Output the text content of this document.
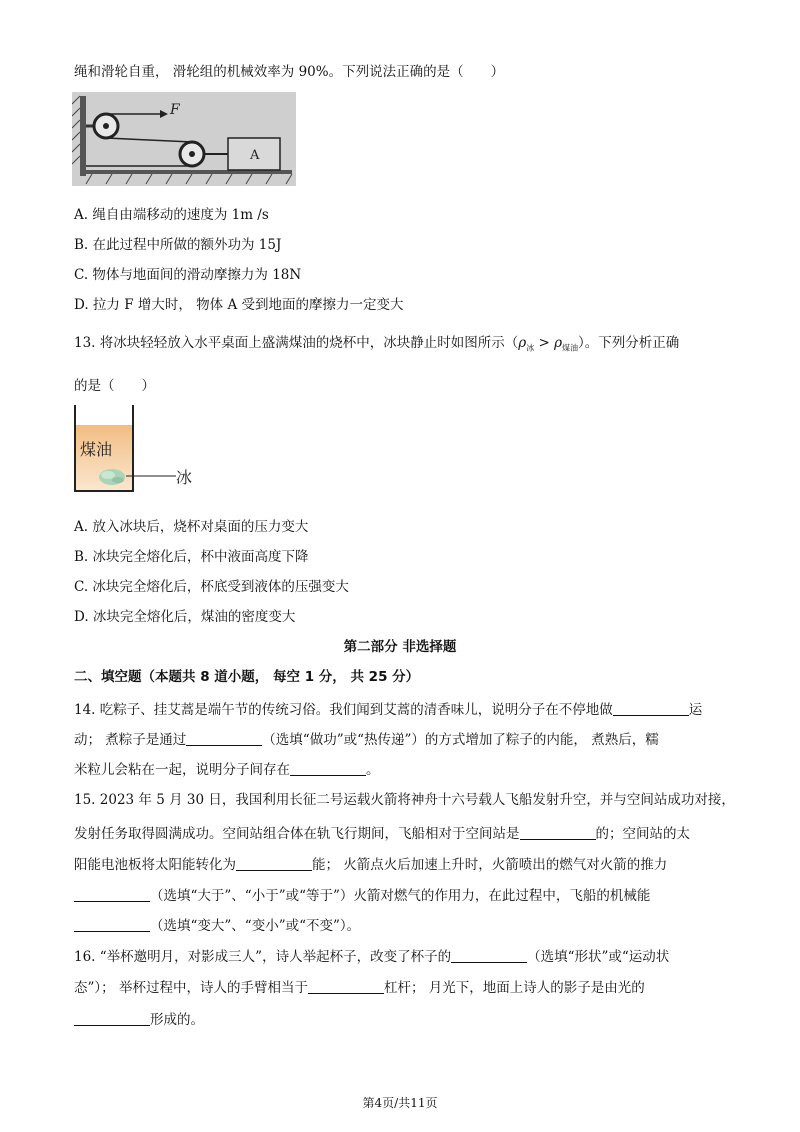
绳和滑轮自重， 滑轮组的机械效率为 90%。下列说法正确的是（　　）
F
A
A. 绳自由端移动的速度为 1m /s
B. 在此过程中所做的额外功为 15J
C. 物体与地面间的滑动摩擦力为 18N
D. 拉力 F 增大时， 物体 A 受到地面的摩擦力一定变大
13. 将冰块轻轻放入水平桌面上盛满煤油的烧杯中，冰块静止时如图所示$(\rho_冰 > \rho_{煤油})$。下列分析正确
的是（　　）
煤油
冰
A. 放入冰块后，烧杯对桌面的压力变大
B. 冰块完全熔化后，杯中液面高度下降
C. 冰块完全熔化后，杯底受到液体的压强变大
D. 冰块完全熔化后，煤油的密度变大
第二部分 非选择题
二、填空题（本题共 8 道小题， 每空 1 分， 共 25 分）
14. 吃粽子、挂艾蒿是端午节的传统习俗。我们闻到艾蒿的清香味儿，说明分子在不停地做	运
动； 煮粽子是通过	（选填“做功”或“热传递”）的方式增加了粽子的内能， 煮熟后，糯
米粒儿会粘在一起，说明分子间存在	。
15. 2023 年 5 月 30 日，我国利用长征二号运载火箭将神舟十六号载人飞船发射升空，并与空间站成功对接，
发射任务取得圆满成功。空间站组合体在轨飞行期间，飞船相对于空间站是	的；空间站的太
阳能电池板将太阳能转化为	能； 火箭点火后加速上升时，火箭喷出的燃气对火箭的推力
（选填“大于”、“小于”或“等于”）火箭对燃气的作用力，在此过程中，飞船的机械能
（选填“变大”、“变小”或“不变”）。
16. “举杯邀明月，对影成三人”，诗人举起杯子，改变了杯子的	（选填“形状”或“运动状
态”）； 举杯过程中，诗人的手臂相当于	杠杆； 月光下，地面上诗人的影子是由光的
形成的。
第4页/共11页
